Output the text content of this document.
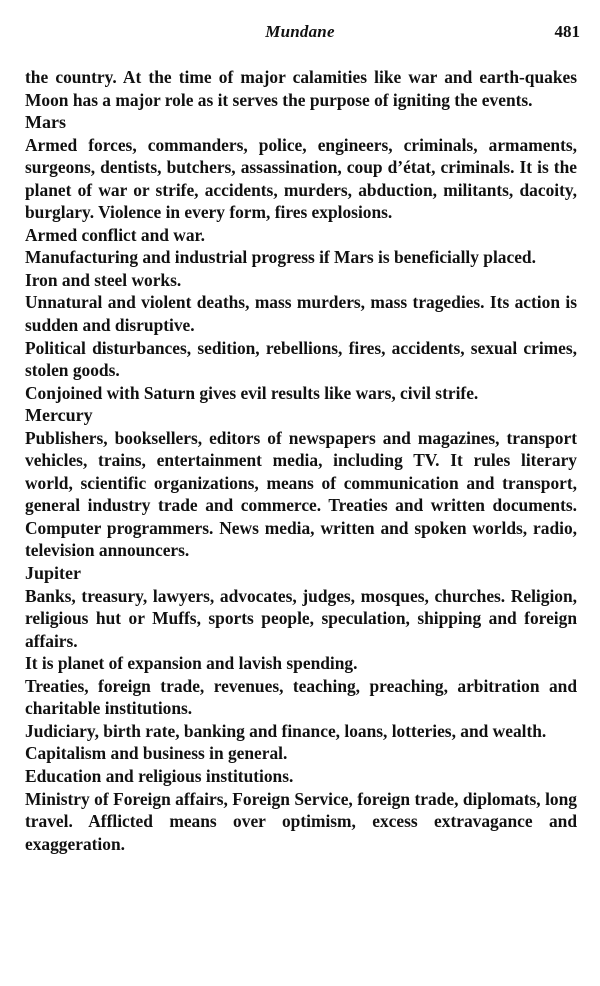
Mundane	481

the country. At the time of major calamities like war and earth-quakes Moon has a major role as it serves the purpose of igniting the events.

Mars

Armed forces, commanders, police, engineers, criminals, armaments, surgeons, dentists, butchers, assassination, coup d’état, criminals. It is the planet of war or strife, accidents, murders, abduction, militants, dacoity, burglary. Violence in every form, fires explosions.

Armed conflict and war.

Manufacturing and industrial progress if Mars is beneficially placed.

Iron and steel works.

Unnatural and violent deaths, mass murders, mass tragedies. Its action is sudden and disruptive.

Political disturbances, sedition, rebellions, fires, accidents, sexual crimes, stolen goods.

Conjoined with Saturn gives evil results like wars, civil strife.

Mercury

Publishers, booksellers, editors of newspapers and magazines, transport vehicles, trains, entertainment media, including TV. It rules literary world, scientific organizations, means of communication and transport, general industry trade and commerce. Treaties and written documents. Computer programmers. News media, written and spoken worlds, radio, television announcers.

Jupiter

Banks, treasury, lawyers, advocates, judges, mosques, churches. Religion, religious hut or Muffs, sports people, speculation, shipping and foreign affairs.

It is planet of expansion and lavish spending.

Treaties, foreign trade, revenues, teaching, preaching, arbitration and charitable institutions.

Judiciary, birth rate, banking and finance, loans, lotteries, and wealth.

Capitalism and business in general.

Education and religious institutions.

Ministry of Foreign affairs, Foreign Service, foreign trade, diplomats, long travel. Afflicted means over optimism, excess extravagance and exaggeration.
